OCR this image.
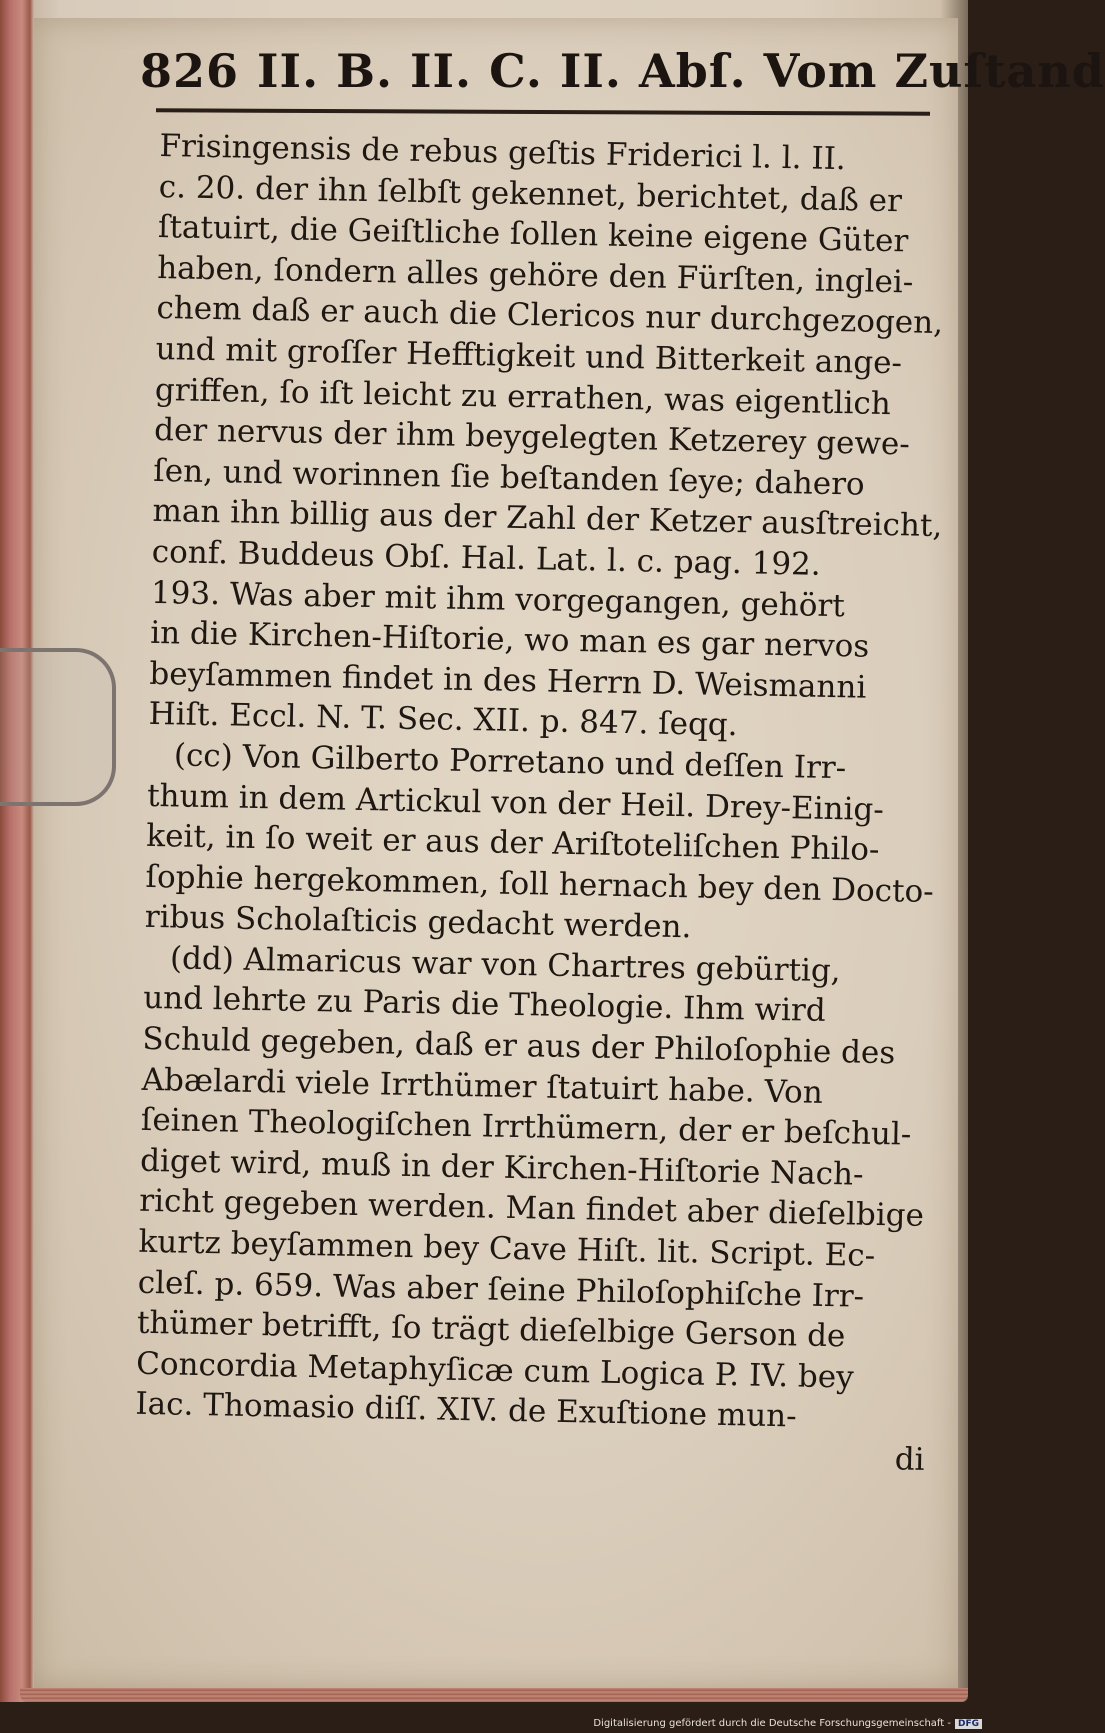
826 II. B. II. C. II. Abſ. Vom Zuſtand
Frisingensis de rebus geſtis Friderici l. l. II.
c. 20. der ihn ſelbſt gekennet, berichtet, daß er
ſtatuirt, die Geiſtliche ſollen keine eigene Güter
haben, ſondern alles gehöre den Fürſten, inglei-
chem daß er auch die Clericos nur durchgezogen,
und mit groſſer Hefftigkeit und Bitterkeit ange-
griffen, ſo iſt leicht zu errathen, was eigentlich
der nervus der ihm beygelegten Ketzerey gewe-
ſen, und worinnen ſie beſtanden ſeye; dahero
man ihn billig aus der Zahl der Ketzer ausſtreicht,
conf. Buddeus Obſ. Hal. Lat. l. c. pag. 192.
193. Was aber mit ihm vorgegangen, gehört
in die Kirchen-Hiſtorie, wo man es gar nervos
beyſammen findet in des Herrn D. Weismanni
Hiſt. Eccl. N. T. Sec. XII. p. 847. ſeqq.
(cc) Von Gilberto Porretano und deſſen Irr-
thum in dem Artickul von der Heil. Drey-Einig-
keit, in ſo weit er aus der Ariſtoteliſchen Philo-
ſophie hergekommen, ſoll hernach bey den Docto-
ribus Scholaſticis gedacht werden.
(dd) Almaricus war von Chartres gebürtig,
und lehrte zu Paris die Theologie. Ihm wird
Schuld gegeben, daß er aus der Philoſophie des
Abælardi viele Irrthümer ſtatuirt habe. Von
ſeinen Theologiſchen Irrthümern, der er beſchul-
diget wird, muß in der Kirchen-Hiſtorie Nach-
richt gegeben werden. Man findet aber dieſelbige
kurtz beyſammen bey Cave Hiſt. lit. Script. Ec-
cleſ. p. 659. Was aber ſeine Philoſophiſche Irr-
thümer betrifft, ſo trägt dieſelbige Gerson de
Concordia Metaphyſicæ cum Logica P. IV. bey
Iac. Thomasio diſſ. XIV. de Exuſtione mun-
di
Digitalisierung gefördert durch die Deutsche Forschungsgemeinschaft - DFG
